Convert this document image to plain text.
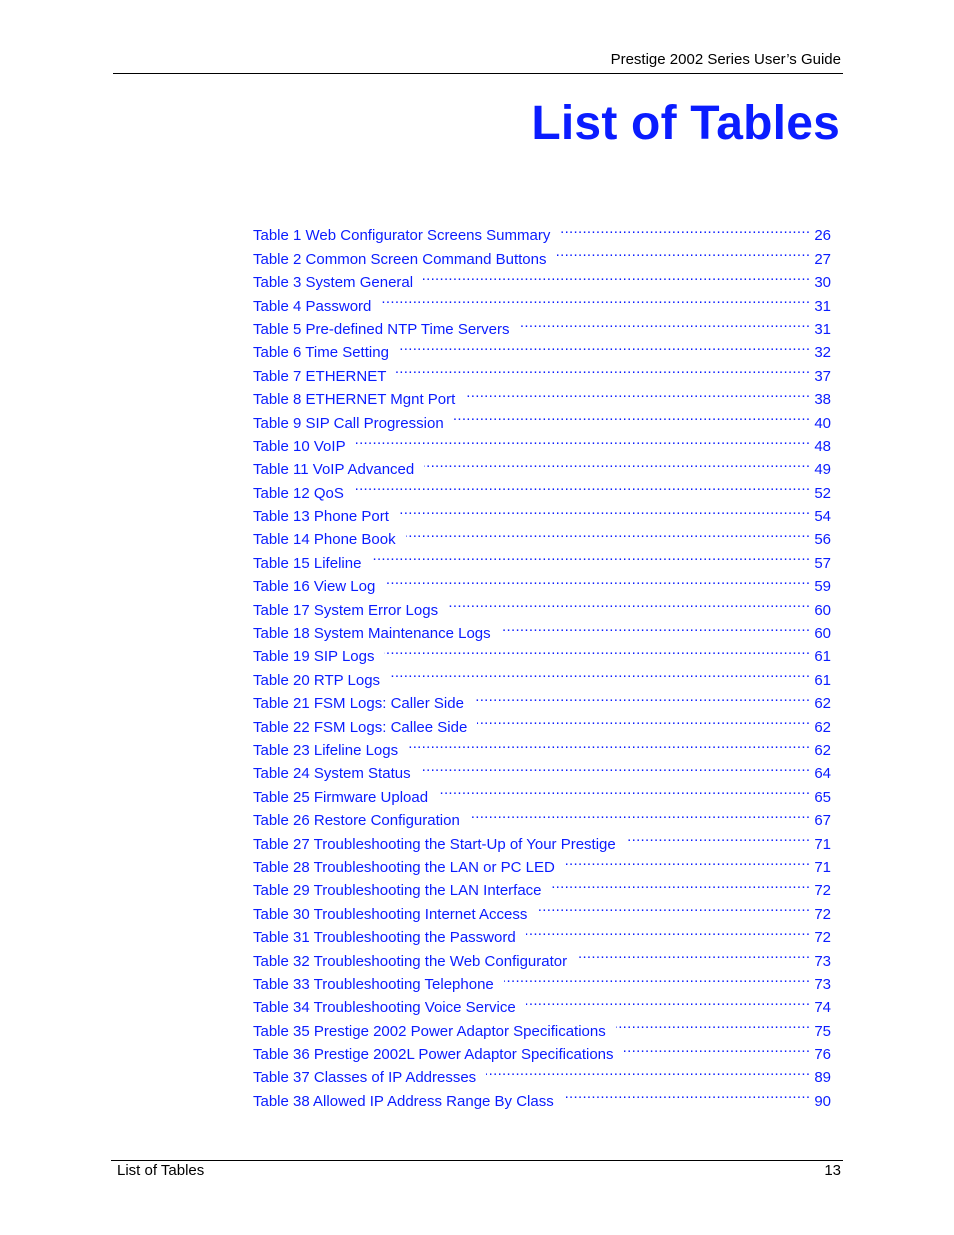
Prestige 2002 Series User’s Guide
List of Tables
Table 1 Web Configurator Screens Summary .....	26
Table 2 Common Screen Command Buttons .....	27
Table 3 System General .....	30
Table 4 Password .....	31
Table 5 Pre-defined NTP Time Servers .....	31
Table 6 Time Setting .....	32
Table 7 ETHERNET .....	37
Table 8 ETHERNET Mgnt Port .....	38
Table 9 SIP Call Progression .....	40
Table 10 VoIP .....	48
Table 11 VoIP Advanced .....	49
Table 12 QoS .....	52
Table 13 Phone Port .....	54
Table 14 Phone Book .....	56
Table 15 Lifeline .....	57
Table 16 View Log .....	59
Table 17 System Error Logs .....	60
Table 18 System Maintenance Logs .....	60
Table 19 SIP Logs .....	61
Table 20 RTP Logs .....	61
Table 21 FSM Logs: Caller Side .....	62
Table 22 FSM Logs: Callee Side .....	62
Table 23 Lifeline Logs .....	62
Table 24 System Status .....	64
Table 25 Firmware Upload .....	65
Table 26 Restore Configuration .....	67
Table 27 Troubleshooting the Start-Up of Your Prestige .....	71
Table 28 Troubleshooting the LAN or PC LED .....	71
Table 29 Troubleshooting the LAN Interface .....	72
Table 30 Troubleshooting Internet Access .....	72
Table 31 Troubleshooting the Password .....	72
Table 32 Troubleshooting the Web Configurator .....	73
Table 33 Troubleshooting Telephone .....	73
Table 34 Troubleshooting Voice Service .....	74
Table 35 Prestige 2002 Power Adaptor Specifications .....	75
Table 36 Prestige 2002L Power Adaptor Specifications .....	76
Table 37 Classes of IP Addresses .....	89
Table 38 Allowed IP Address Range By Class .....	90
List of Tables	13
